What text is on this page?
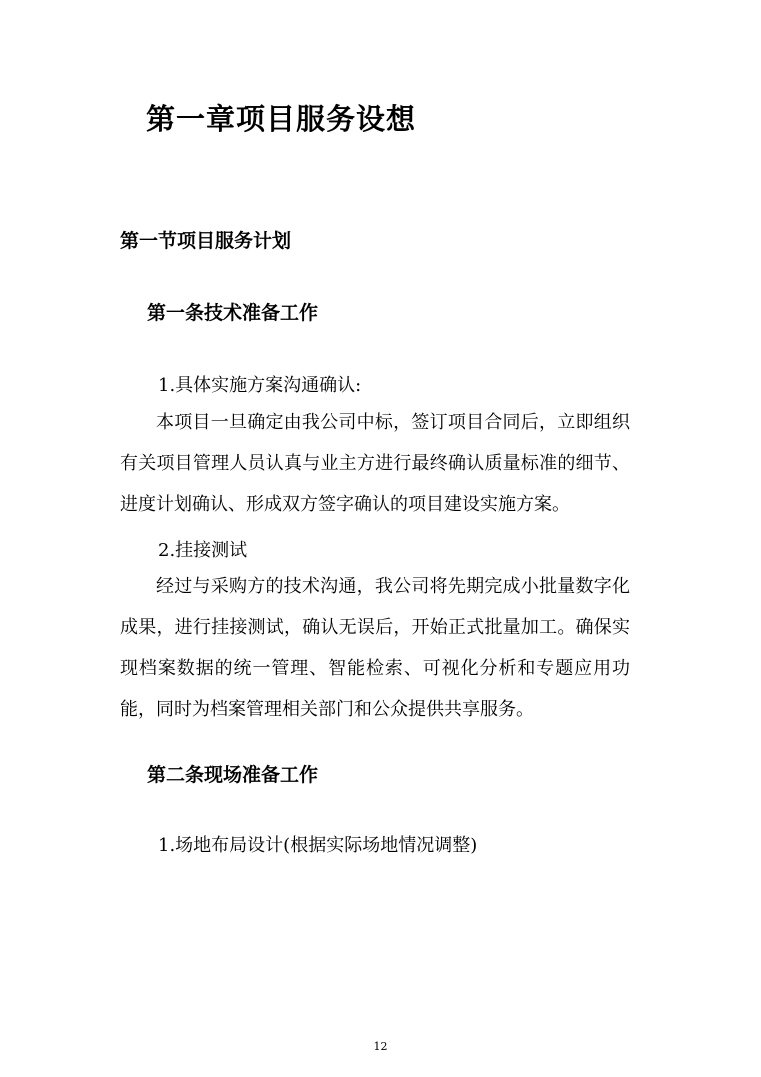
第一章项目服务设想
第一节项目服务计划
第一条技术准备工作
1.具体实施方案沟通确认:

本项目一旦确定由我公司中标，签订项目合同后，立即组织有关项目管理人员认真与业主方进行最终确认质量标准的细节、进度计划确认、形成双方签字确认的项目建设实施方案。

2.挂接测试

经过与采购方的技术沟通，我公司将先期完成小批量数字化成果，进行挂接测试，确认无误后，开始正式批量加工。确保实现档案数据的统一管理、智能检索、可视化分析和专题应用功能，同时为档案管理相关部门和公众提供共享服务。

第二条现场准备工作
1.场地布局设计(根据实际场地情况调整)
12
